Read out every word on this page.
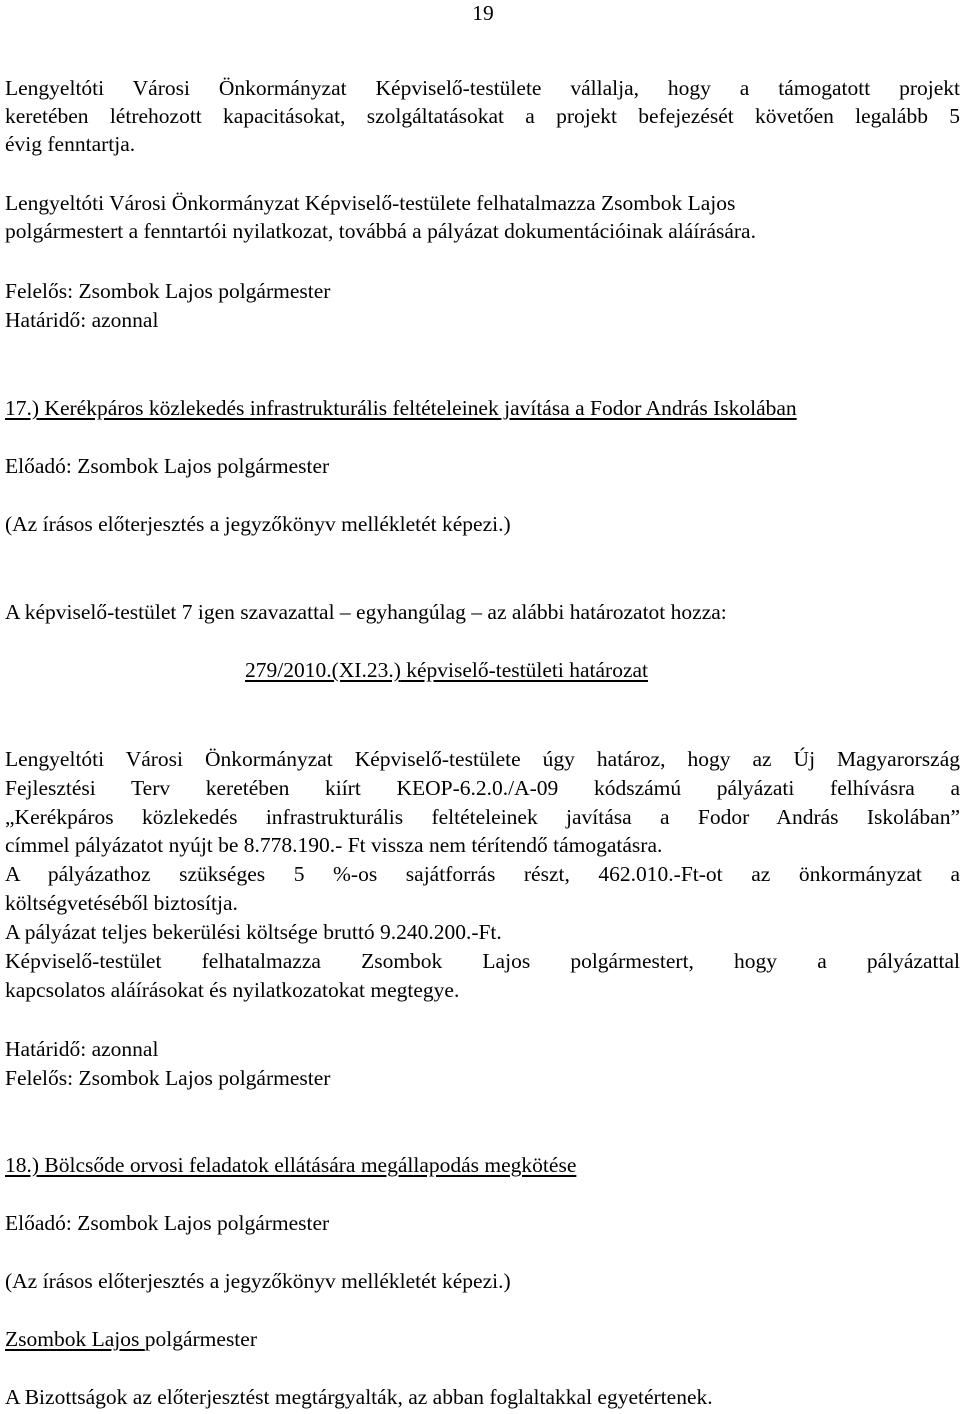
19
Lengyeltóti Városi Önkormányzat Képviselő-testülete vállalja, hogy a támogatott projekt
keretében létrehozott kapacitásokat, szolgáltatásokat a projekt befejezését követően legalább 5
évig fenntartja.
Lengyeltóti Városi Önkormányzat Képviselő-testülete felhatalmazza Zsombok Lajos
polgármestert a fenntartói nyilatkozat, továbbá a pályázat dokumentációinak aláírására.
Felelős: Zsombok Lajos polgármester
Határidő: azonnal
17.) Kerékpáros közlekedés infrastrukturális feltételeinek javítása a Fodor András Iskolában
Előadó: Zsombok Lajos polgármester
(Az írásos előterjesztés a jegyzőkönyv mellékletét képezi.)
A képviselő-testület 7 igen szavazattal – egyhangúlag – az alábbi határozatot hozza:
279/2010.(XI.23.) képviselő-testületi határozat
Lengyeltóti Városi Önkormányzat Képviselő-testülete úgy határoz, hogy az Új Magyarország
Fejlesztési Terv keretében kiírt KEOP-6.2.0./A-09 kódszámú pályázati felhívásra a
„Kerékpáros közlekedés infrastrukturális feltételeinek javítása a Fodor András Iskolában”
címmel pályázatot nyújt be 8.778.190.- Ft vissza nem térítendő támogatásra.
A pályázathoz szükséges 5 %-os sajátforrás részt, 462.010.-Ft-ot az önkormányzat a
költségvetéséből biztosítja.
A pályázat teljes bekerülési költsége bruttó 9.240.200.-Ft.
Képviselő-testület felhatalmazza Zsombok Lajos polgármestert, hogy a pályázattal
kapcsolatos aláírásokat és nyilatkozatokat megtegye.
Határidő: azonnal
Felelős: Zsombok Lajos polgármester
18.) Bölcsőde orvosi feladatok ellátására megállapodás megkötése
Előadó: Zsombok Lajos polgármester
(Az írásos előterjesztés a jegyzőkönyv mellékletét képezi.)
Zsombok Lajos polgármester
A Bizottságok az előterjesztést megtárgyalták, az abban foglaltakkal egyetértenek.
